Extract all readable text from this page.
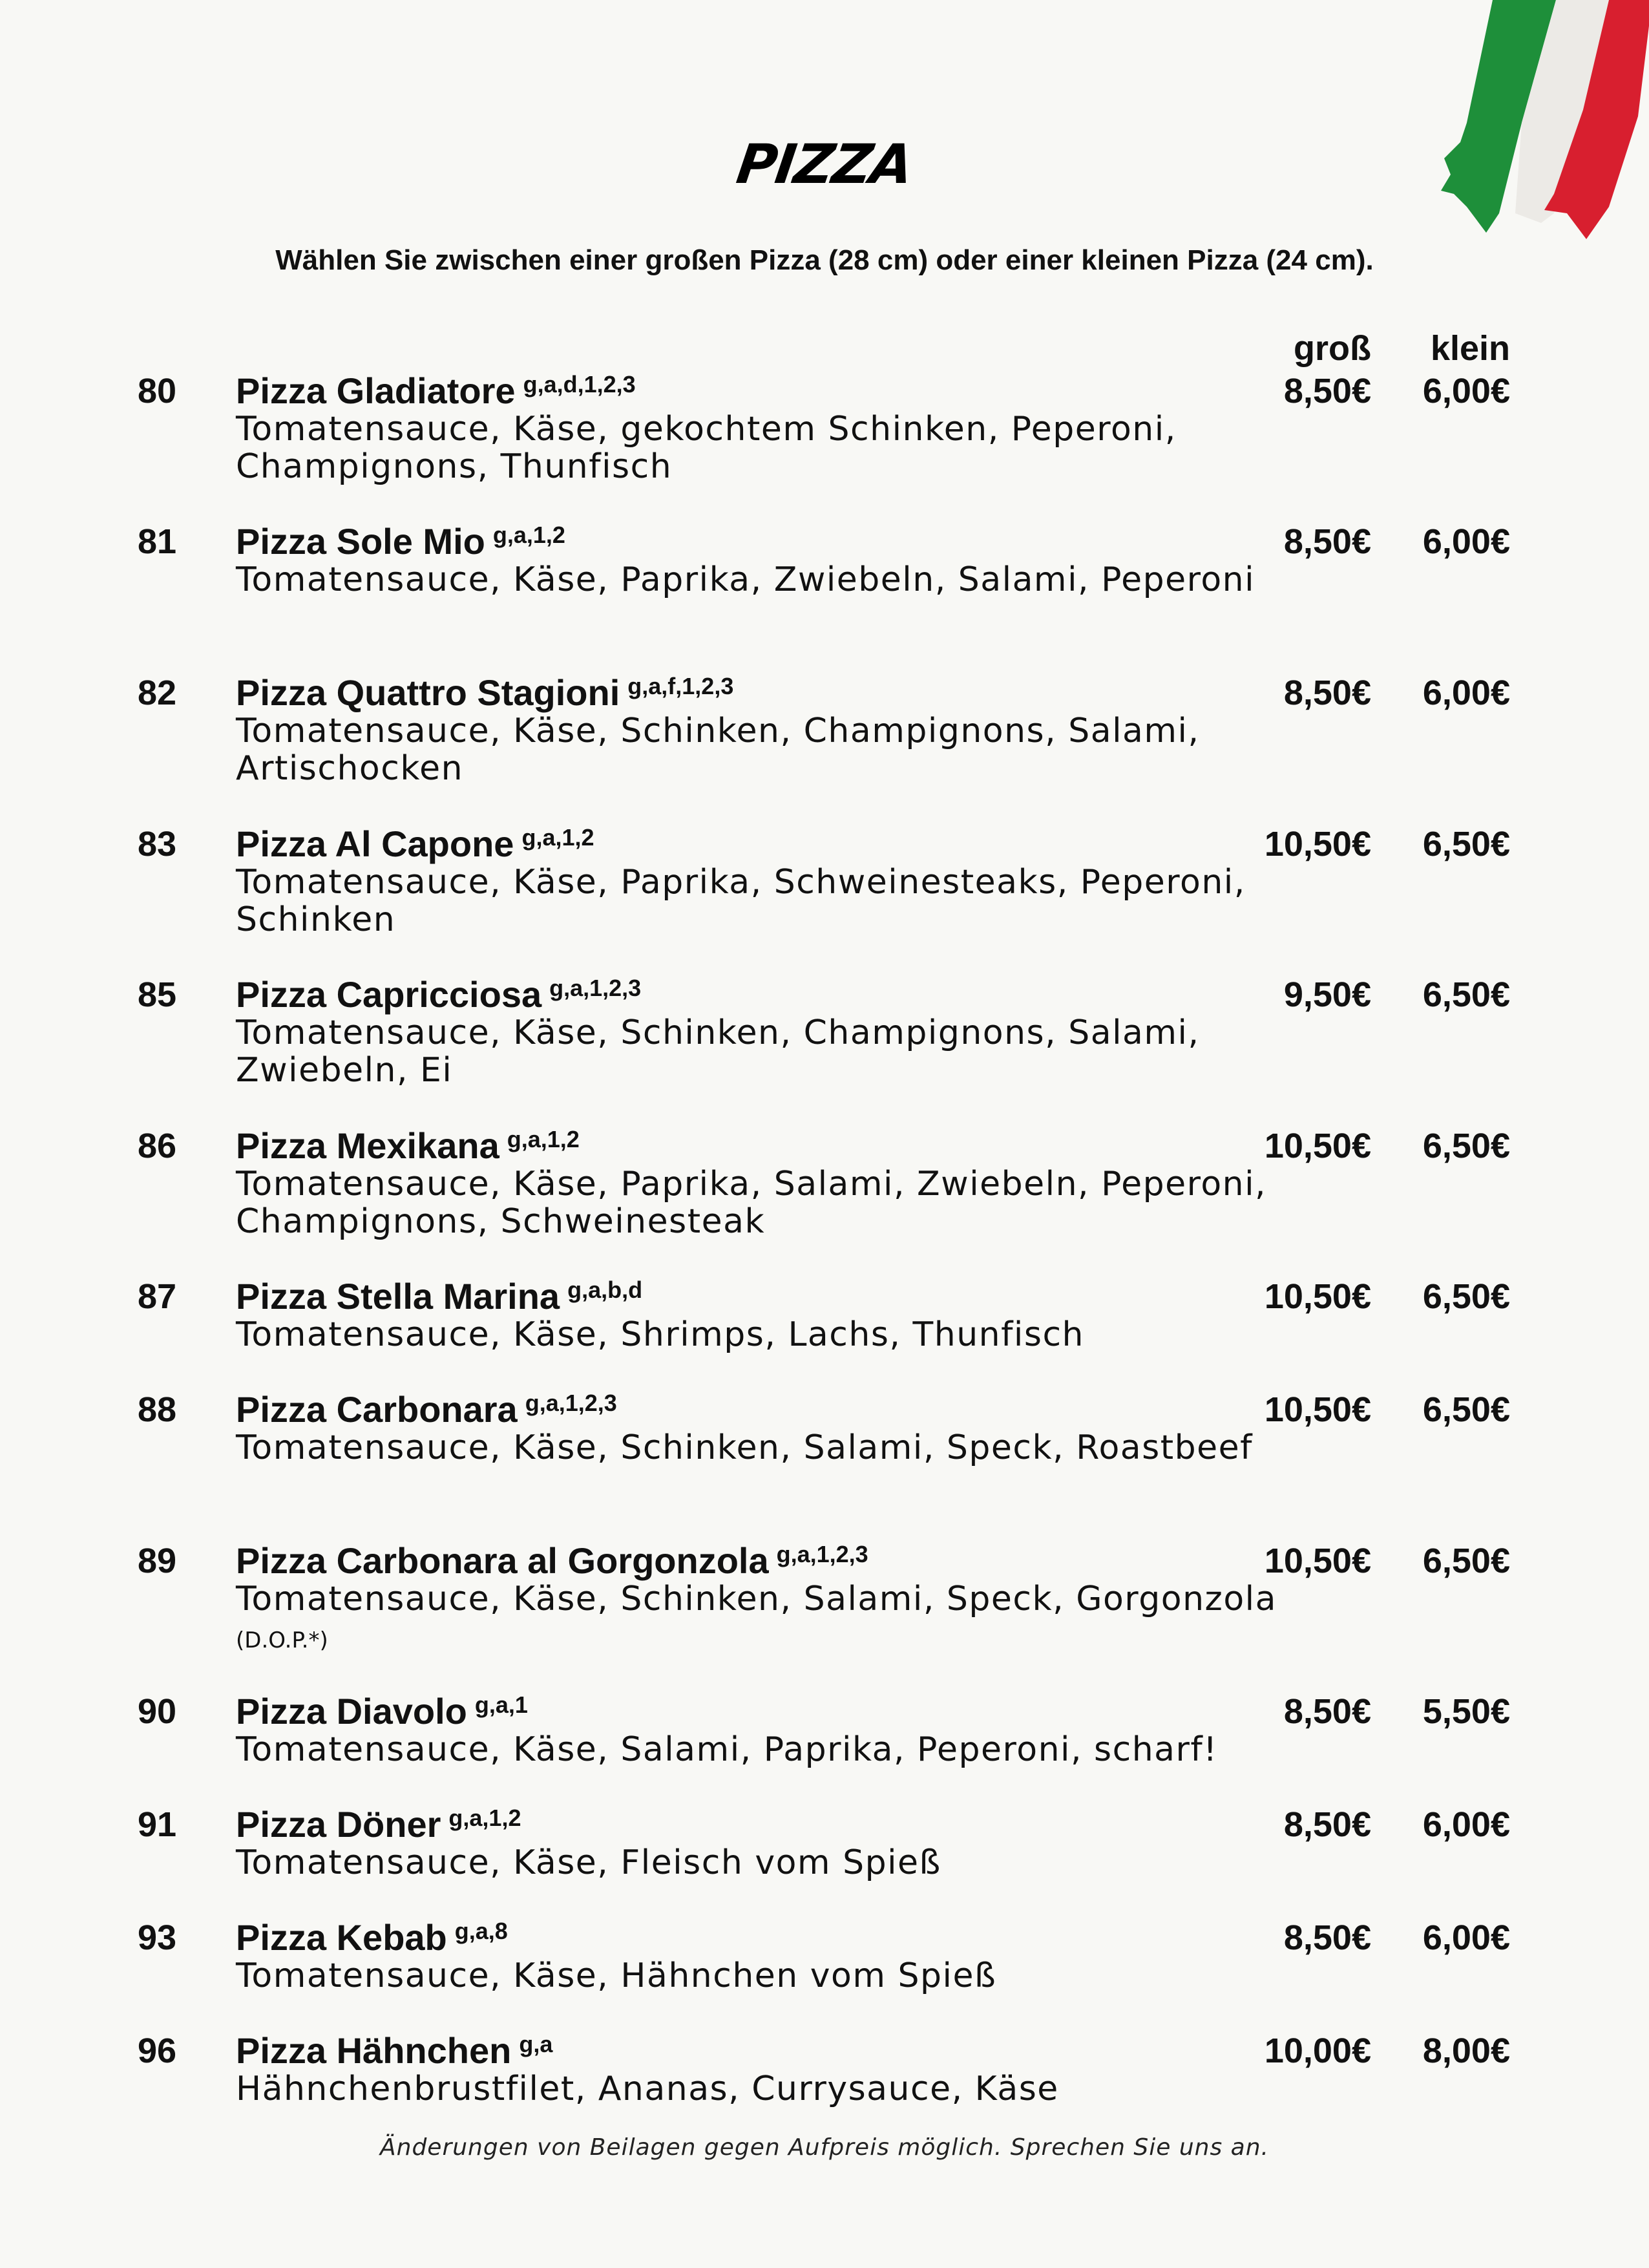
PIZZA
Wählen Sie zwischen einer großen Pizza (28 cm) oder einer kleinen Pizza (24 cm).
groß klein
80 Pizza Gladiatore $^{g,a,d,1,2,3}$	8,50€ 6,00€
Tomatensauce, Käse, gekochtem Schinken, Peperoni, Champignons, Thunfisch
81 Pizza Sole Mio $^{g,a,1,2}$	8,50€ 6,00€
Tomatensauce, Käse, Paprika, Zwiebeln, Salami, Peperoni
82 Pizza Quattro Stagioni $^{g,a,f,1,2,3}$	8,50€ 6,00€
Tomatensauce, Käse, Schinken, Champignons, Salami, Artischocken
83 Pizza Al Capone $^{g,a,1,2}$	10,50€ 6,50€
Tomatensauce, Käse, Paprika, Schweinesteaks, Peperoni, Schinken
85 Pizza Capricciosa $^{g,a,1,2,3}$	9,50€ 6,50€
Tomatensauce, Käse, Schinken, Champignons, Salami, Zwiebeln, Ei
86 Pizza Mexikana $^{g,a,1,2}$	10,50€ 6,50€
Tomatensauce, Käse, Paprika, Salami, Zwiebeln, Peperoni, Champignons, Schweinesteak
87 Pizza Stella Marina $^{g,a,b,d}$	10,50€ 6,50€
Tomatensauce, Käse, Shrimps, Lachs, Thunfisch
88 Pizza Carbonara $^{g,a,1,2,3}$	10,50€ 6,50€
Tomatensauce, Käse, Schinken, Salami, Speck, Roastbeef
89 Pizza Carbonara al Gorgonzola $^{g,a,1,2,3}$	10,50€ 6,50€
Tomatensauce, Käse, Schinken, Salami, Speck, Gorgonzola (D.O.P.*)
90 Pizza Diavolo $^{g,a,1}$	8,50€ 5,50€
Tomatensauce, Käse, Salami, Paprika, Peperoni, scharf!
91 Pizza Döner $^{g,a,1,2}$	8,50€ 6,00€
Tomatensauce, Käse, Fleisch vom Spieß
93 Pizza Kebab $^{g,a,8}$	8,50€ 6,00€
Tomatensauce, Käse, Hähnchen vom Spieß
96 Pizza Hähnchen $^{g,a}$	10,00€ 8,00€
Hähnchenbrustfilet, Ananas, Currysauce, Käse
Änderungen von Beilagen gegen Aufpreis möglich. Sprechen Sie uns an.
